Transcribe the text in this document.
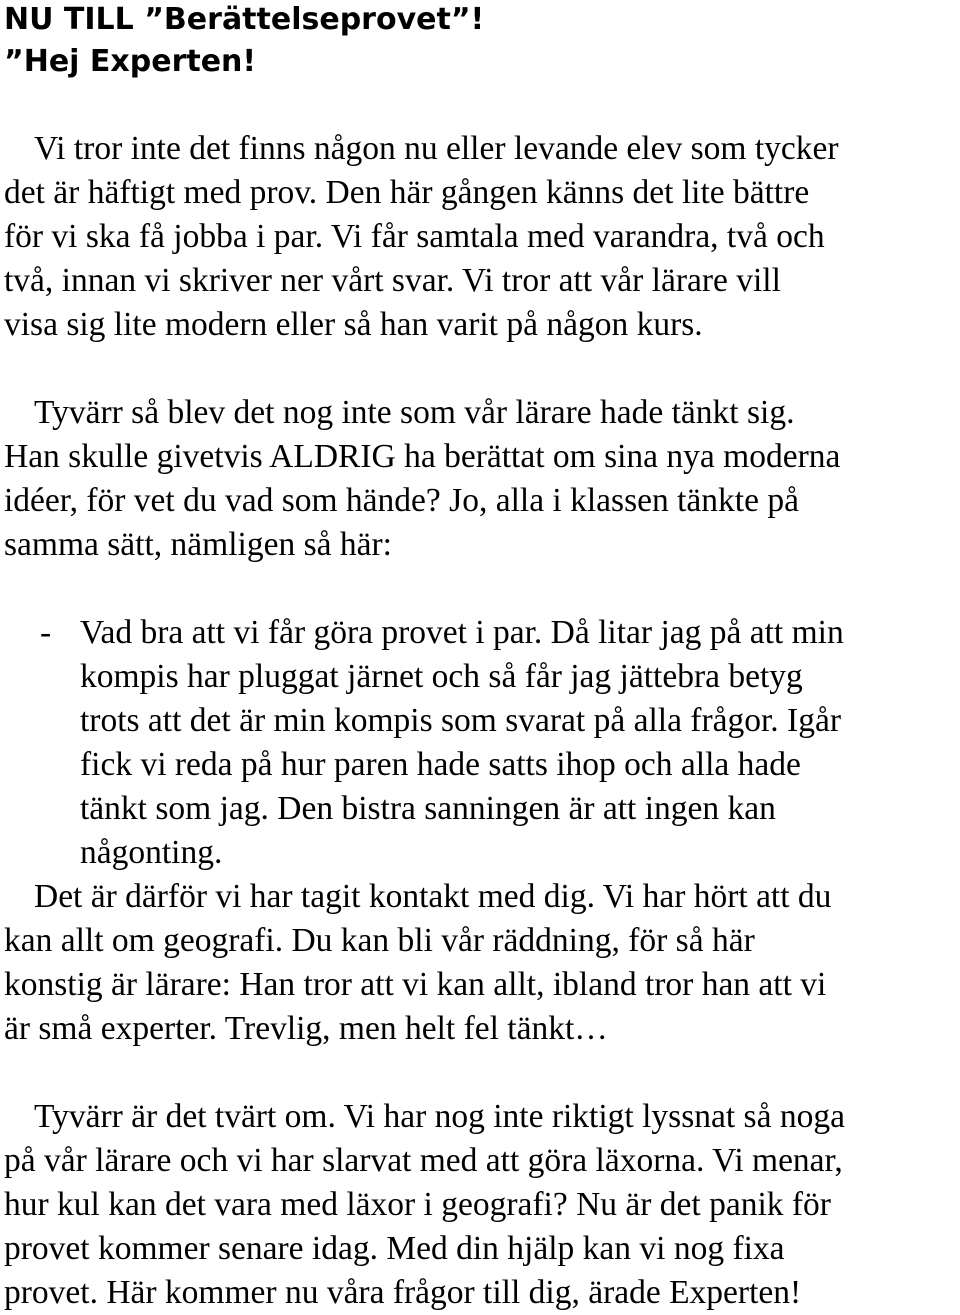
NU TILL ”Berättelseprovet”!
”Hej Experten!
Vi tror inte det finns någon nu eller levande elev som tycker
det är häftigt med prov. Den här gången känns det lite bättre
för vi ska få jobba i par. Vi får samtala med varandra, två och
två, innan vi skriver ner vårt svar. Vi tror att vår lärare vill
visa sig lite modern eller så han varit på någon kurs.
Tyvärr så blev det nog inte som vår lärare hade tänkt sig.
Han skulle givetvis ALDRIG ha berättat om sina nya moderna
idéer, för vet du vad som hände? Jo, alla i klassen tänkte på
samma sätt, nämligen så här:
- Vad bra att vi får göra provet i par. Då litar jag på att min
kompis har pluggat järnet och så får jag jättebra betyg
trots att det är min kompis som svarat på alla frågor. Igår
fick vi reda på hur paren hade satts ihop och alla hade
tänkt som jag. Den bistra sanningen är att ingen kan
någonting.
Det är därför vi har tagit kontakt med dig. Vi har hört att du
kan allt om geografi. Du kan bli vår räddning, för så här
konstig är lärare: Han tror att vi kan allt, ibland tror han att vi
är små experter. Trevlig, men helt fel tänkt…
Tyvärr är det tvärt om. Vi har nog inte riktigt lyssnat så noga
på vår lärare och vi har slarvat med att göra läxorna. Vi menar,
hur kul kan det vara med läxor i geografi? Nu är det panik för
provet kommer senare idag. Med din hjälp kan vi nog fixa
provet. Här kommer nu våra frågor till dig, ärade Experten!
